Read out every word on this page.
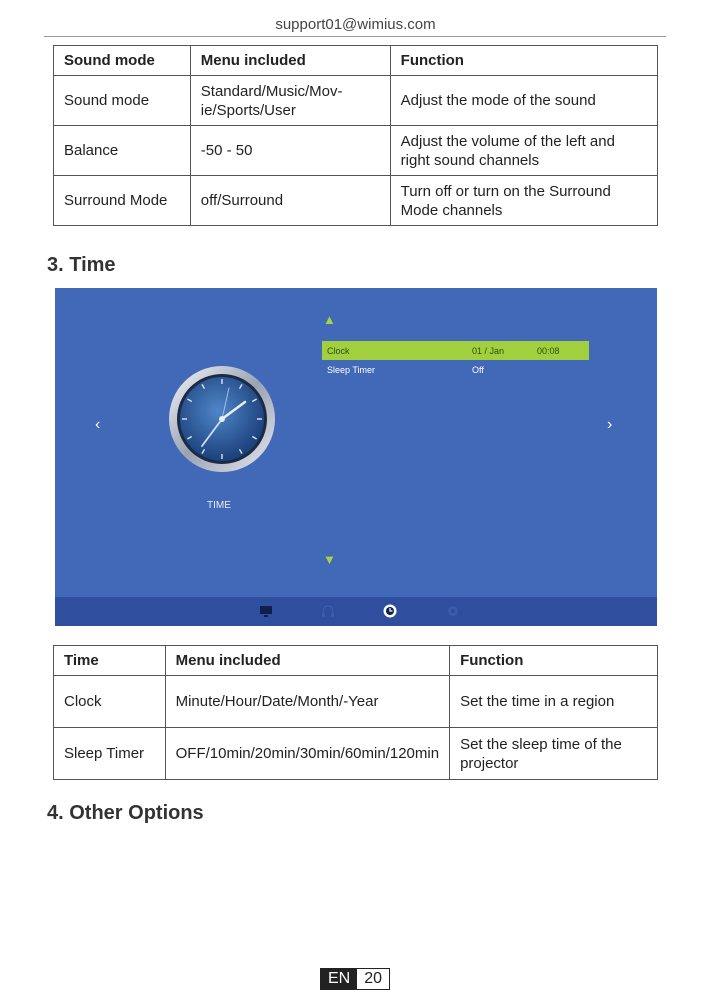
support01@wimius.com
Sound mode	Menu included	Function
Sound mode	Standard/Music/Mov-ie/Sports/User	Adjust the mode of the sound
Balance	-50 - 50	Adjust the volume of the left and right sound channels
Surround Mode	off/Surround	Turn off or turn on the Surround Mode channels
3. Time
▲
‹	›
Clock	01 / Jan	00:08
Sleep Timer	Off
TIME
▼
Time	Menu included	Function
Clock	Minute/Hour/Date/Month/-Year	Set the time in a region
Sleep Timer	OFF/10min/20min/30min/60min/120min	Set the sleep time of the projector
4. Other Options
EN 20
